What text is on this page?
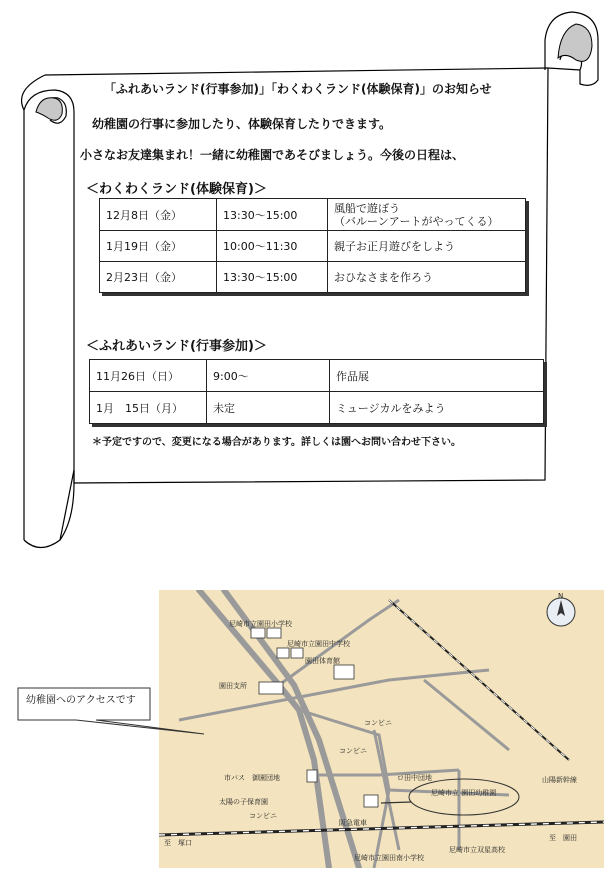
「ふれあいランド(行事参加)」「わくわくランド(体験保育)」のお知らせ
幼稚園の行事に参加したり、体験保育したりできます。
小さなお友達集まれ！一緒に幼稚園であそびましょう。今後の日程は、
＜わくわくランド(体験保育)＞
12月8日（金）	13:30〜15:00	風船で遊ぼう
（バルーンアートがやってくる）
1月19日（金）	10:00〜11:30	親子お正月遊びをしよう
2月23日（金）	13:30〜15:00	おひなさまを作ろう
＜ふれあいランド(行事参加)＞
11月26日（日）	9:00〜	作品展
1月　15日（月）	未定	ミュージカルをみよう
＊予定ですので、変更になる場合があります。詳しくは園へお問い合わせ下さい。
N
尼崎市立園田小学校
尼崎市立園田中学校
園田体育館
園田支所
コンビニ
コンビニ
コンビニ
ロ田中団地
市バス　御園団地
太陽の子保育園
尼崎市立 園田幼稚園
山陽新幹線
阪急電車
至　塚口
至　園田
尼崎市立園田南小学校
尼崎市立双星高校
幼稚園へのアクセスです
